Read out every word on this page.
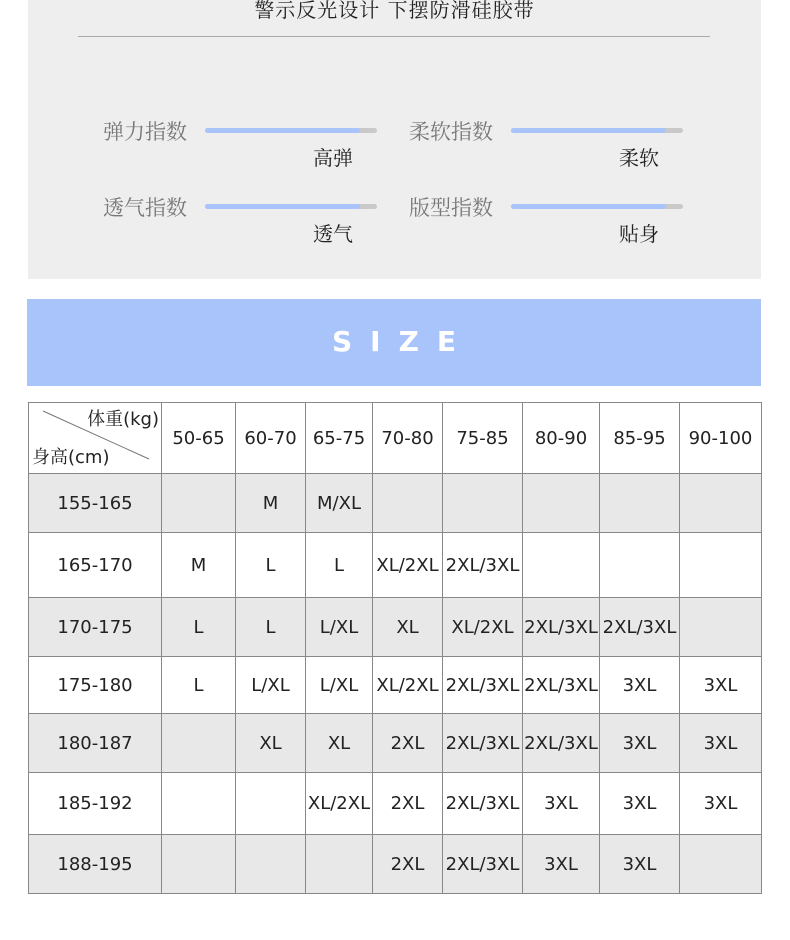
警示反光设计 下摆防滑硅胶带
弹力指数
高弹
柔软指数
柔软
透气指数
透气
版型指数
贴身
SIZE
体重(kg)
身高(cm)	50-65	60-70	65-75	70-80	75-85	80-90	85-95	90-100
155-165		M	M/XL					
165-170	M	L	L	XL/2XL	2XL/3XL			
170-175	L	L	L/XL	XL	XL/2XL	2XL/3XL	2XL/3XL	
175-180	L	L/XL	L/XL	XL/2XL	2XL/3XL	2XL/3XL	3XL	3XL
180-187		XL	XL	2XL	2XL/3XL	2XL/3XL	3XL	3XL
185-192			XL/2XL	2XL	2XL/3XL	3XL	3XL	3XL
188-195				2XL	2XL/3XL	3XL	3XL	
